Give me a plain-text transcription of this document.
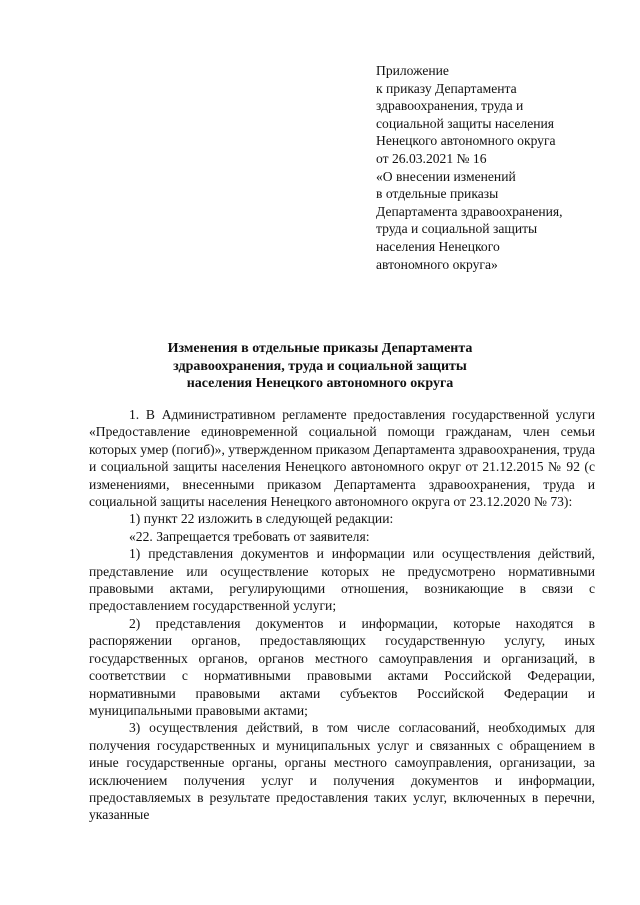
Приложение
к приказу Департамента
здравоохранения, труда и
социальной защиты населения
Ненецкого автономного округа
от 26.03.2021 № 16
«О внесении изменений
в отдельные приказы
Департамента здравоохранения,
труда и социальной защиты
населения Ненецкого
автономного округа»
Изменения в отдельные приказы Департамента
здравоохранения, труда и социальной защиты
населения Ненецкого автономного округа

1. В Административном регламенте предоставления государственной услуги «Предоставление единовременной социальной помощи гражданам, член семьи которых умер (погиб)», утвержденном приказом Департамента здравоохранения, труда и социальной защиты населения Ненецкого автономного округ от 21.12.2015 № 92 (с изменениями, внесенными приказом Департамента здравоохранения, труда и социальной защиты населения Ненецкого автономного округа от 23.12.2020 № 73):

1) пункт 22 изложить в следующей редакции:

«22. Запрещается требовать от заявителя:

1) представления документов и информации или осуществления действий, представление или осуществление которых не предусмотрено нормативными правовыми актами, регулирующими отношения, возникающие в связи с предоставлением государственной услуги;

2) представления документов и информации, которые находятся в распоряжении органов, предоставляющих государственную услугу, иных государственных органов, органов местного самоуправления и организаций, в соответствии с нормативными правовыми актами Российской Федерации, нормативными правовыми актами субъектов Российской Федерации и муниципальными правовыми актами;

3) осуществления действий, в том числе согласований, необходимых для получения государственных и муниципальных услуг и связанных с обращением в иные государственные органы, органы местного самоуправления, организации, за исключением получения услуг и получения документов и информации, предоставляемых в результате предоставления таких услуг, включенных в перечни, указанные
